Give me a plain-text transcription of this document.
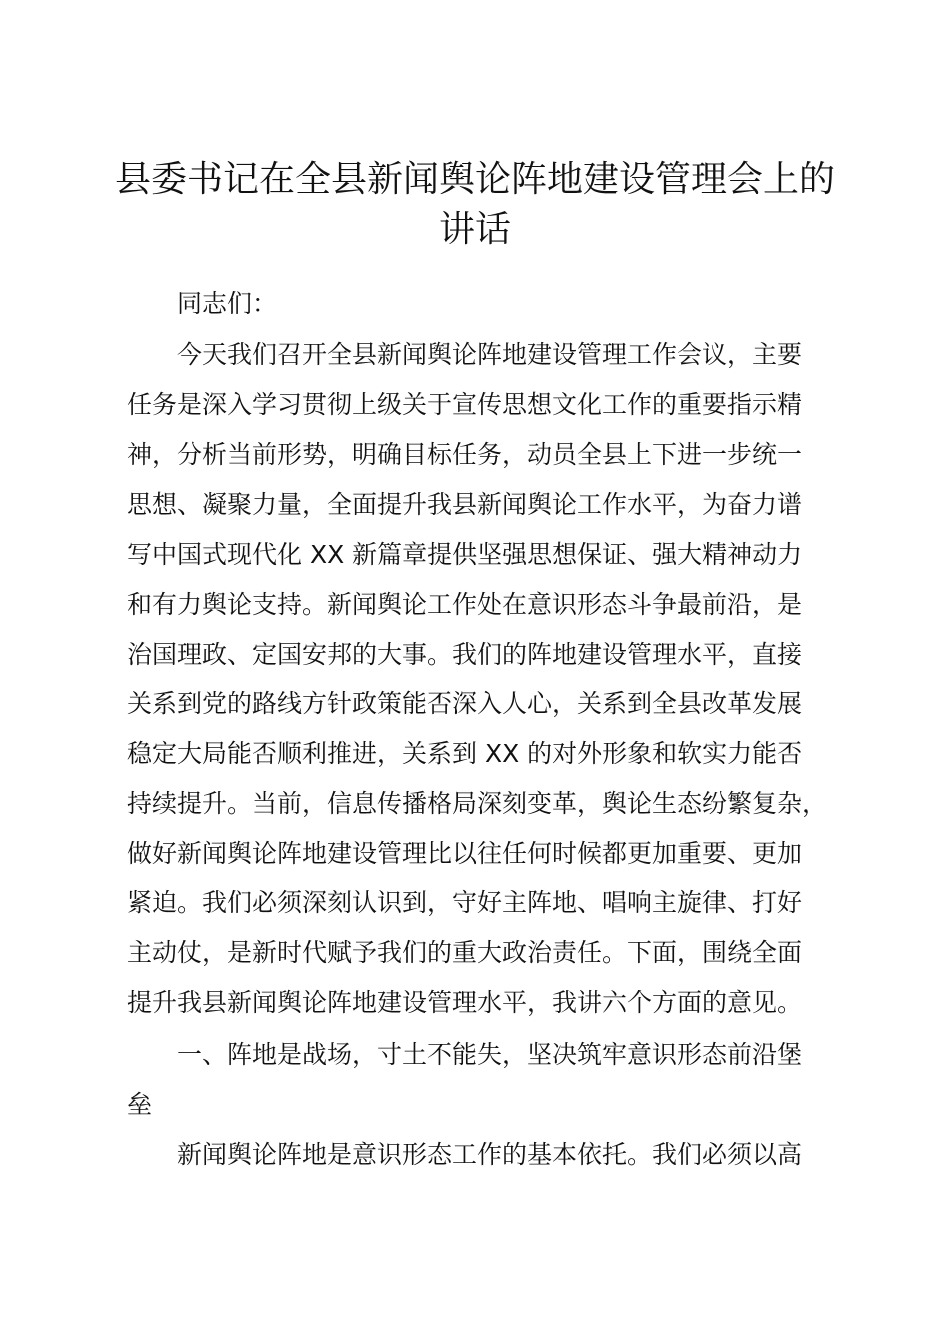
县委书记在全县新闻舆论阵地建设管理会上的
讲话

同志们：

今天我们召开全县新闻舆论阵地建设管理工作会议，主要

任务是深入学习贯彻上级关于宣传思想文化工作的重要指示精

神，分析当前形势，明确目标任务，动员全县上下进一步统一

思想、凝聚力量，全面提升我县新闻舆论工作水平，为奋力谱

写中国式现代化 XX 新篇章提供坚强思想保证、强大精神动力

和有力舆论支持。新闻舆论工作处在意识形态斗争最前沿，是

治国理政、定国安邦的大事。我们的阵地建设管理水平，直接

关系到党的路线方针政策能否深入人心，关系到全县改革发展

稳定大局能否顺利推进，关系到 XX 的对外形象和软实力能否

持续提升。当前，信息传播格局深刻变革，舆论生态纷繁复杂，

做好新闻舆论阵地建设管理比以往任何时候都更加重要、更加

紧迫。我们必须深刻认识到，守好主阵地、唱响主旋律、打好

主动仗，是新时代赋予我们的重大政治责任。下面，围绕全面

提升我县新闻舆论阵地建设管理水平，我讲六个方面的意见。

一、阵地是战场，寸土不能失，坚决筑牢意识形态前沿堡

垒

新闻舆论阵地是意识形态工作的基本依托。我们必须以高
